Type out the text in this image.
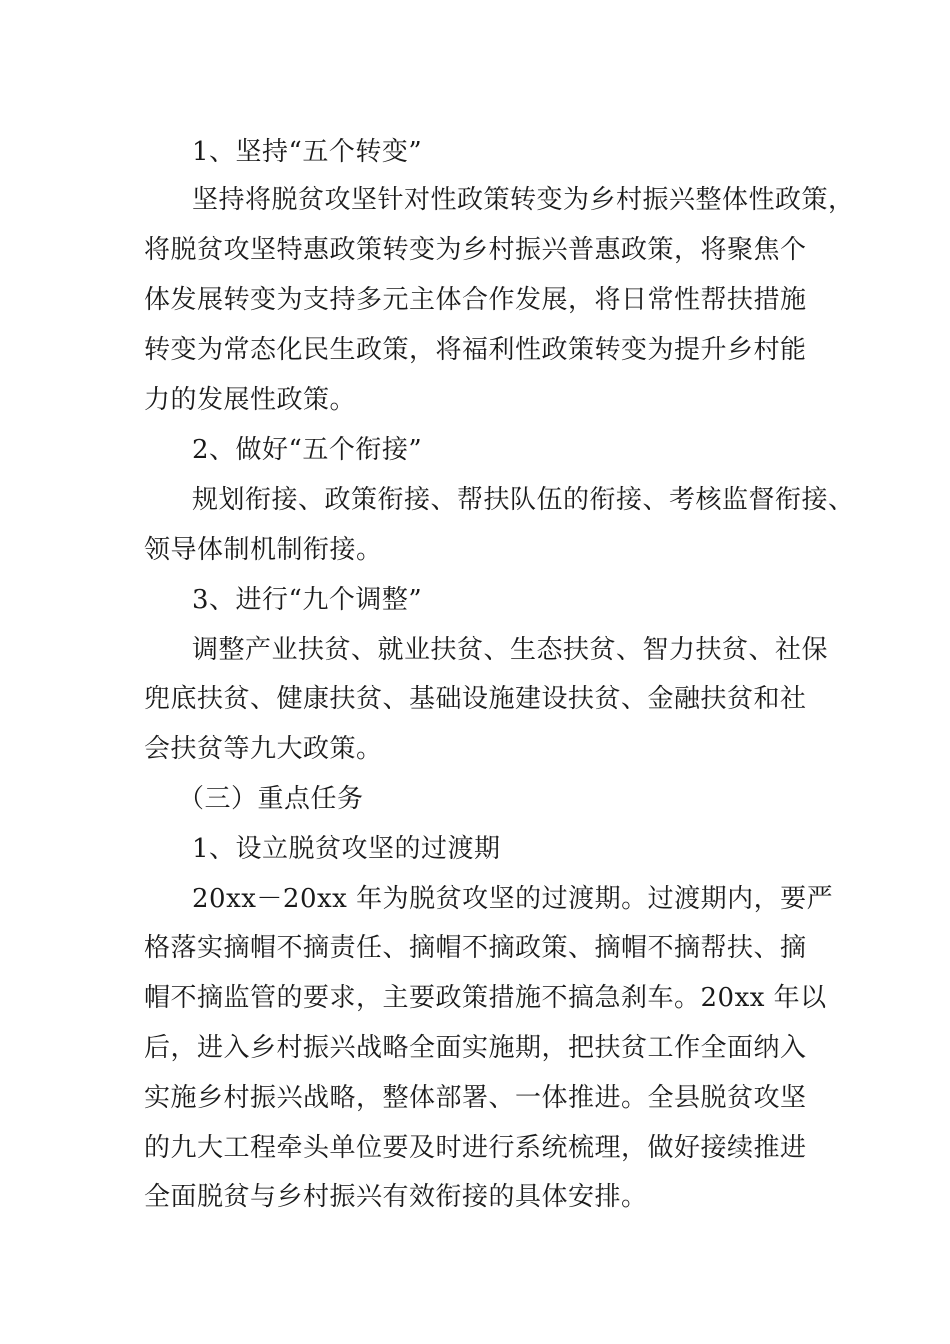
1、坚持“五个转变”
坚持将脱贫攻坚针对性政策转变为乡村振兴整体性政策，
将脱贫攻坚特惠政策转变为乡村振兴普惠政策，将聚焦个
体发展转变为支持多元主体合作发展，将日常性帮扶措施
转变为常态化民生政策，将福利性政策转变为提升乡村能
力的发展性政策。
2、做好“五个衔接”
规划衔接、政策衔接、帮扶队伍的衔接、考核监督衔接、
领导体制机制衔接。
3、进行“九个调整”
调整产业扶贫、就业扶贫、生态扶贫、智力扶贫、社保
兜底扶贫、健康扶贫、基础设施建设扶贫、金融扶贫和社
会扶贫等九大政策。
（三）重点任务
1、设立脱贫攻坚的过渡期
20xx－20xx 年为脱贫攻坚的过渡期。过渡期内，要严
格落实摘帽不摘责任、摘帽不摘政策、摘帽不摘帮扶、摘
帽不摘监管的要求，主要政策措施不搞急刹车。20xx 年以
后，进入乡村振兴战略全面实施期，把扶贫工作全面纳入
实施乡村振兴战略，整体部署、一体推进。全县脱贫攻坚
的九大工程牵头单位要及时进行系统梳理，做好接续推进
全面脱贫与乡村振兴有效衔接的具体安排。
